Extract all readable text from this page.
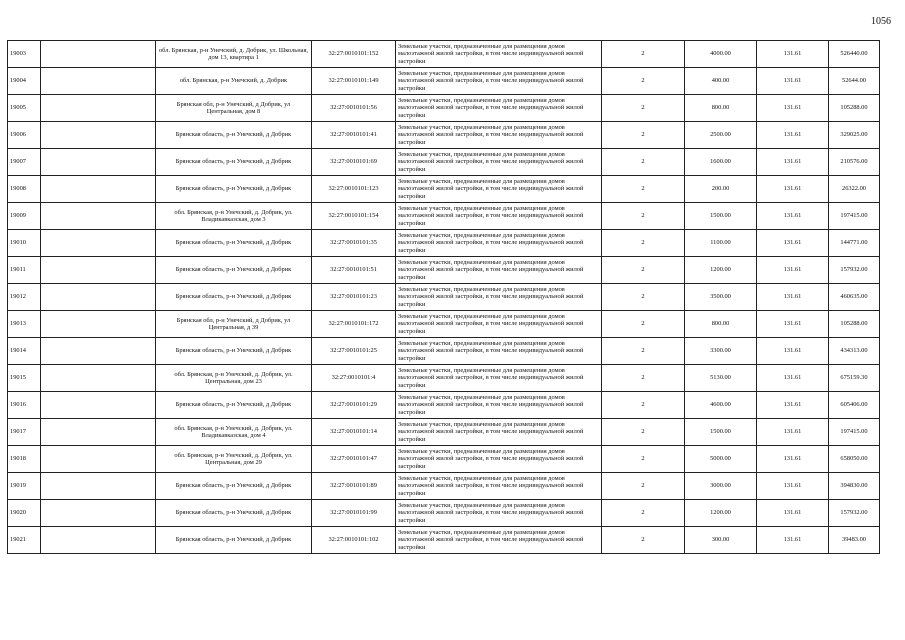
1056
19003		обл. Брянская, р-н Унечский, д. Добрик, ул. Школьная, дом 13, квартира 1	32:27:0010101:152	Земельные участки, предназначенные для размещения домов малоэтажной жилой застройки, в том числе индивидуальной жилой застройки	2	4000.00	131.61	526440.00
19004		обл. Брянская, р-н Унечский, д. Добрик	32:27:0010101:149	Земельные участки, предназначенные для размещения домов малоэтажной жилой застройки, в том числе индивидуальной жилой застройки	2	400.00	131.61	52644.00
19005		Брянская обл, р-н Унечский, д Добрик, ул Центральная, дом 8	32:27:0010101:56	Земельные участки, предназначенные для размещения домов малоэтажной жилой застройки, в том числе индивидуальной жилой застройки	2	800.00	131.61	105288.00
19006		Брянская область, р-н Унечский, д Добрик	32:27:0010101:41	Земельные участки, предназначенные для размещения домов малоэтажной жилой застройки, в том числе индивидуальной жилой застройки	2	2500.00	131.61	329025.00
19007		Брянская область, р-н Унечский, д Добрик	32:27:0010101:69	Земельные участки, предназначенные для размещения домов малоэтажной жилой застройки, в том числе индивидуальной жилой застройки	2	1600.00	131.61	210576.00
19008		Брянская область, р-н Унечский, д Добрик	32:27:0010101:123	Земельные участки, предназначенные для размещения домов малоэтажной жилой застройки, в том числе индивидуальной жилой застройки	2	200.00	131.61	26322.00
19009		обл. Брянская, р-н Унечский, д. Добрик, ул. Владикавказская, дом 3	32:27:0010101:154	Земельные участки, предназначенные для размещения домов малоэтажной жилой застройки, в том числе индивидуальной жилой застройки	2	1500.00	131.61	197415.00
19010		Брянская область, р-н Унечский, д Добрик	32:27:0010101:35	Земельные участки, предназначенные для размещения домов малоэтажной жилой застройки, в том числе индивидуальной жилой застройки	2	1100.00	131.61	144771.00
19011		Брянская область, р-н Унечский, д Добрик	32:27:0010101:51	Земельные участки, предназначенные для размещения домов малоэтажной жилой застройки, в том числе индивидуальной жилой застройки	2	1200.00	131.61	157932.00
19012		Брянская область, р-н Унечский, д Добрик	32:27:0010101:23	Земельные участки, предназначенные для размещения домов малоэтажной жилой застройки, в том числе индивидуальной жилой застройки	2	3500.00	131.61	460635.00
19013		Брянская обл, р-н Унечский, д Добрик, ул Центральная, д 39	32:27:0010101:172	Земельные участки, предназначенные для размещения домов малоэтажной жилой застройки, в том числе индивидуальной жилой застройки	2	800.00	131.61	105288.00
19014		Брянская область, р-н Унечский, д Добрик	32:27:0010101:25	Земельные участки, предназначенные для размещения домов малоэтажной жилой застройки, в том числе индивидуальной жилой застройки	2	3300.00	131.61	434313.00
19015		обл. Брянская, р-н Унечский, д. Добрик, ул. Центральная, дом 23	32:27:0010101:4	Земельные участки, предназначенные для размещения домов малоэтажной жилой застройки, в том числе индивидуальной жилой застройки	2	5130.00	131.61	675159.30
19016		Брянская область, р-н Унечский, д Добрик	32:27:0010101:29	Земельные участки, предназначенные для размещения домов малоэтажной жилой застройки, в том числе индивидуальной жилой застройки	2	4600.00	131.61	605406.00
19017		обл. Брянская, р-н Унечский, д. Добрик, ул. Владикавказская, дом 4	32:27:0010101:14	Земельные участки, предназначенные для размещения домов малоэтажной жилой застройки, в том числе индивидуальной жилой застройки	2	1500.00	131.61	197415.00
19018		обл. Брянская, р-н Унечский, д. Добрик, ул. Центральная, дом 29	32:27:0010101:47	Земельные участки, предназначенные для размещения домов малоэтажной жилой застройки, в том числе индивидуальной жилой застройки	2	5000.00	131.61	658050.00
19019		Брянская область, р-н Унечский, д Добрик	32:27:0010101:89	Земельные участки, предназначенные для размещения домов малоэтажной жилой застройки, в том числе индивидуальной жилой застройки	2	3000.00	131.61	394830.00
19020		Брянская область, р-н Унечский, д Добрик	32:27:0010101:99	Земельные участки, предназначенные для размещения домов малоэтажной жилой застройки, в том числе индивидуальной жилой застройки	2	1200.00	131.61	157932.00
19021		Брянская область, р-н Унечский, д Добрик	32:27:0010101:102	Земельные участки, предназначенные для размещения домов малоэтажной жилой застройки, в том числе индивидуальной жилой застройки	2	300.00	131.61	39483.00
